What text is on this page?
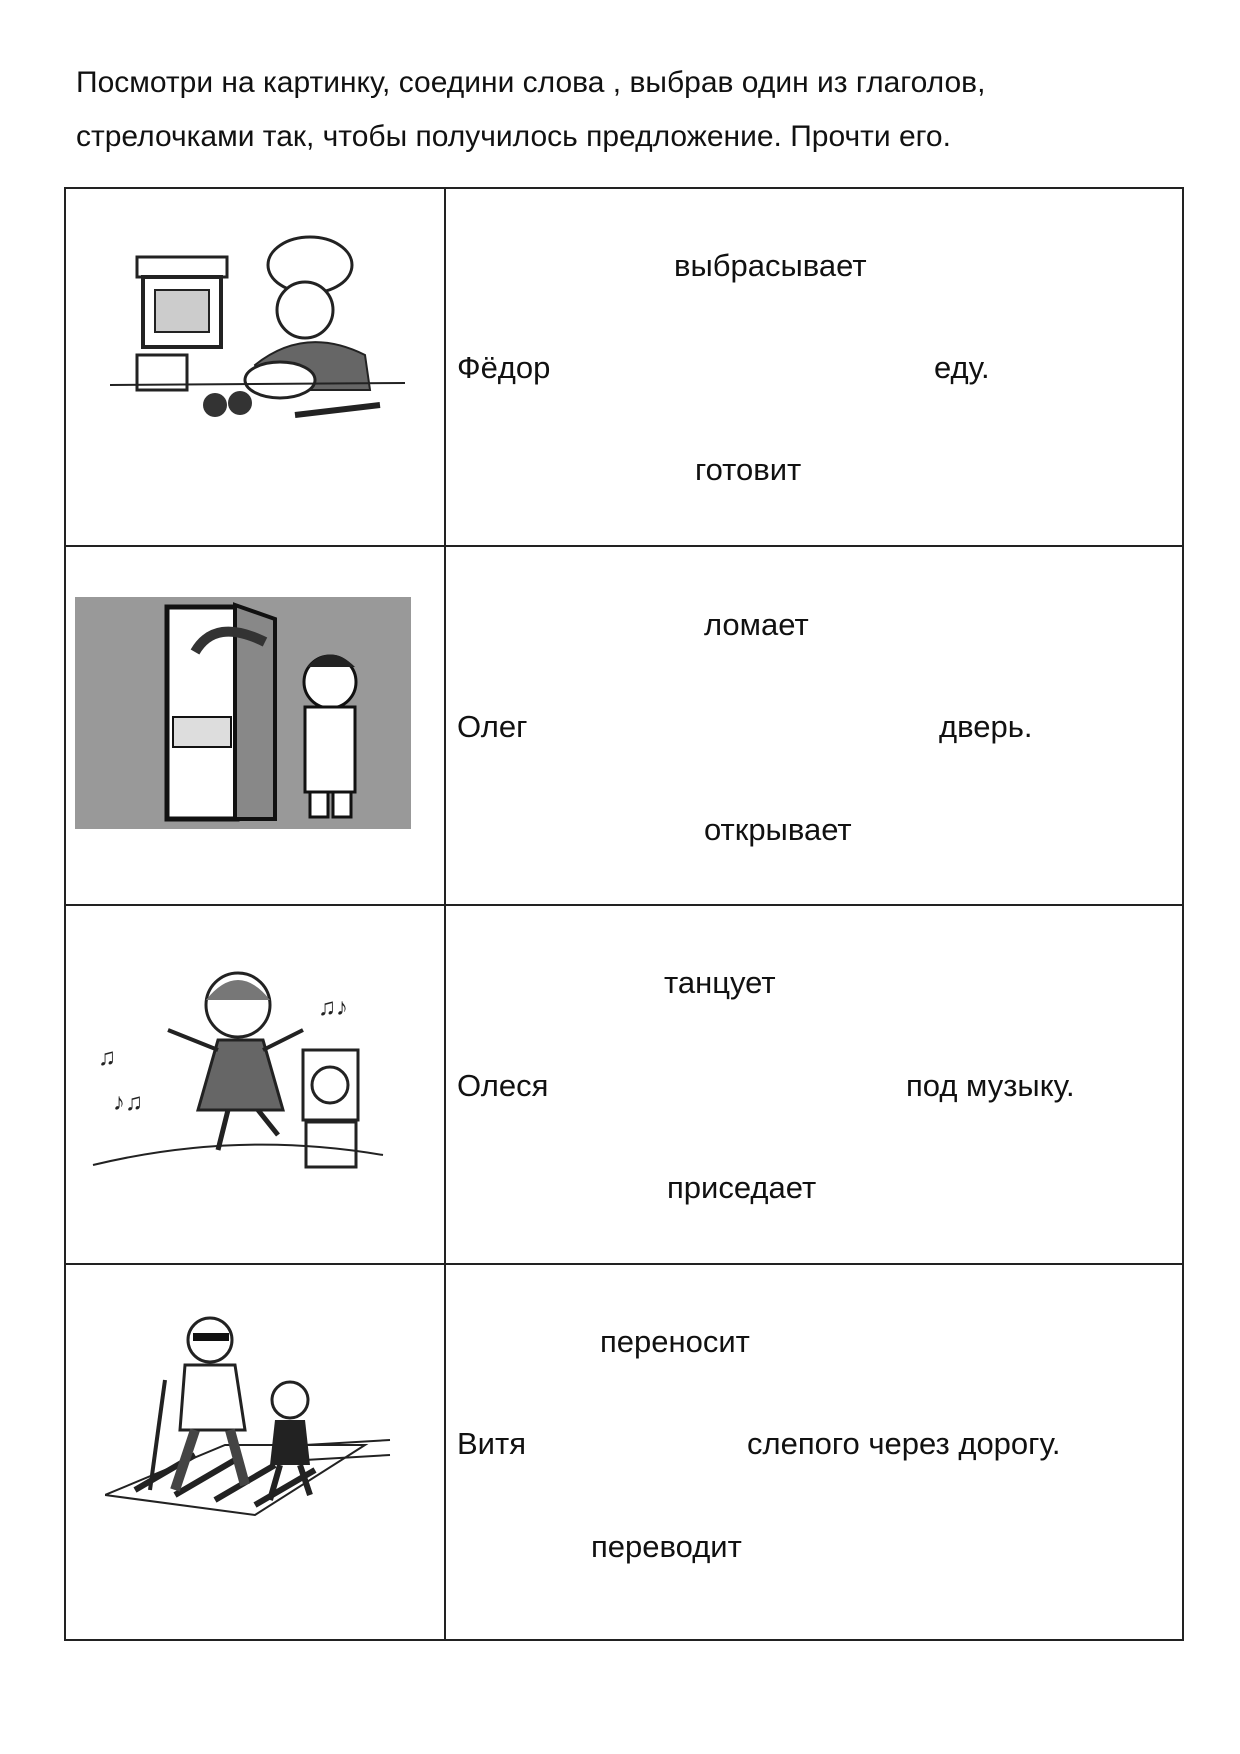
Посмотри на картинку, соедини слова , выбрав один из глаголов,
стрелочками так, чтобы получилось предложение. Прочти его.
♫
♪♫
♫♪
выбрасывает
Фёдор	еду.
готовит
ломает
Олег	дверь.
открывает
танцует
Олеся	под музыку.
приседает
переносит
Витя	слепого через дорогу.
переводит
